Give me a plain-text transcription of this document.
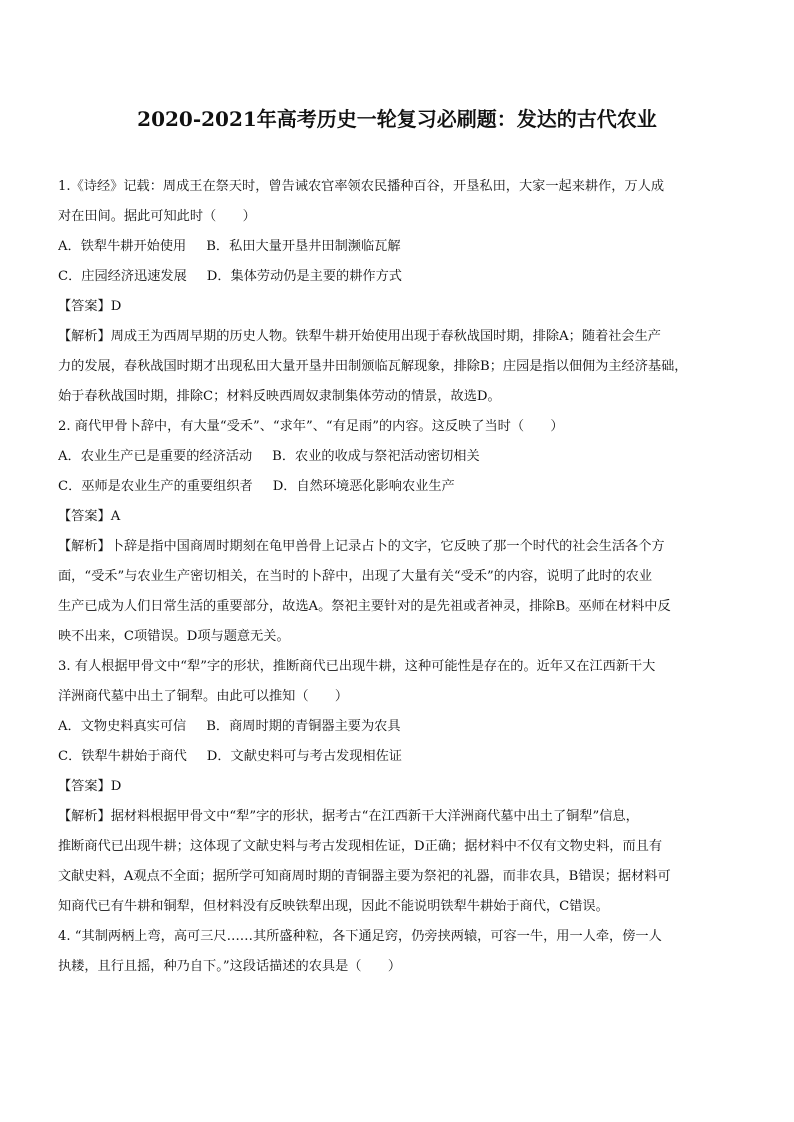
2020-2021年高考历史一轮复习必刷题：发达的古代农业
1.《诗经》记载：周成王在祭天时，曾告诫农官率领农民播种百谷，开垦私田，大家一起来耕作，万人成
对在田间。据此可知此时（　　）
A．铁犁牛耕开始使用 B．私田大量开垦井田制濒临瓦解
C．庄园经济迅速发展 D．集体劳动仍是主要的耕作方式
【答案】D
【解析】周成王为西周早期的历史人物。铁犁牛耕开始使用出现于春秋战国时期，排除A；随着社会生产
力的发展，春秋战国时期才出现私田大量开垦井田制颁临瓦解现象，排除B；庄园是指以佃佣为主经济基础，
始于春秋战国时期，排除C；材料反映西周奴隶制集体劳动的情景，故选D。
2. 商代甲骨卜辞中，有大量“受禾”、“求年”、“有足雨”的内容。这反映了当时（　　）
A．农业生产已是重要的经济活动 B．农业的收成与祭祀活动密切相关
C．巫师是农业生产的重要组织者 D．自然环境恶化影响农业生产
【答案】A
【解析】卜辞是指中国商周时期刻在龟甲兽骨上记录占卜的文字，它反映了那一个时代的社会生活各个方
面，“受禾”与农业生产密切相关，在当时的卜辞中，出现了大量有关“受禾”的内容，说明了此时的农业
生产已成为人们日常生活的重要部分，故选A。祭祀主要针对的是先祖或者神灵，排除B。巫师在材料中反
映不出来，C项错误。D项与题意无关。
3. 有人根据甲骨文中“犁”字的形状，推断商代已出现牛耕，这种可能性是存在的。近年又在江西新干大
洋洲商代墓中出土了铜犁。由此可以推知（　　）
A．文物史料真实可信 B．商周时期的青铜器主要为农具
C．铁犁牛耕始于商代 D．文献史料可与考古发现相佐证
【答案】D
【解析】据材料根据甲骨文中“犁”字的形状，据考古“在江西新干大洋洲商代墓中出土了铜犁”信息，
推断商代已出现牛耕；这体现了文献史料与考古发现相佐证，D正确；据材料中不仅有文物史料，而且有
文献史料，A观点不全面；据所学可知商周时期的青铜器主要为祭祀的礼器，而非农具，B错误；据材料可
知商代已有牛耕和铜犁，但材料没有反映铁犁出现，因此不能说明铁犁牛耕始于商代，C错误。
4. “其制两柄上弯，高可三尺……其所盛种粒，各下通足窍，仍旁挟两辕，可容一牛，用一人牵，傍一人
执耧，且行且摇，种乃自下。”这段话描述的农具是（　　）
